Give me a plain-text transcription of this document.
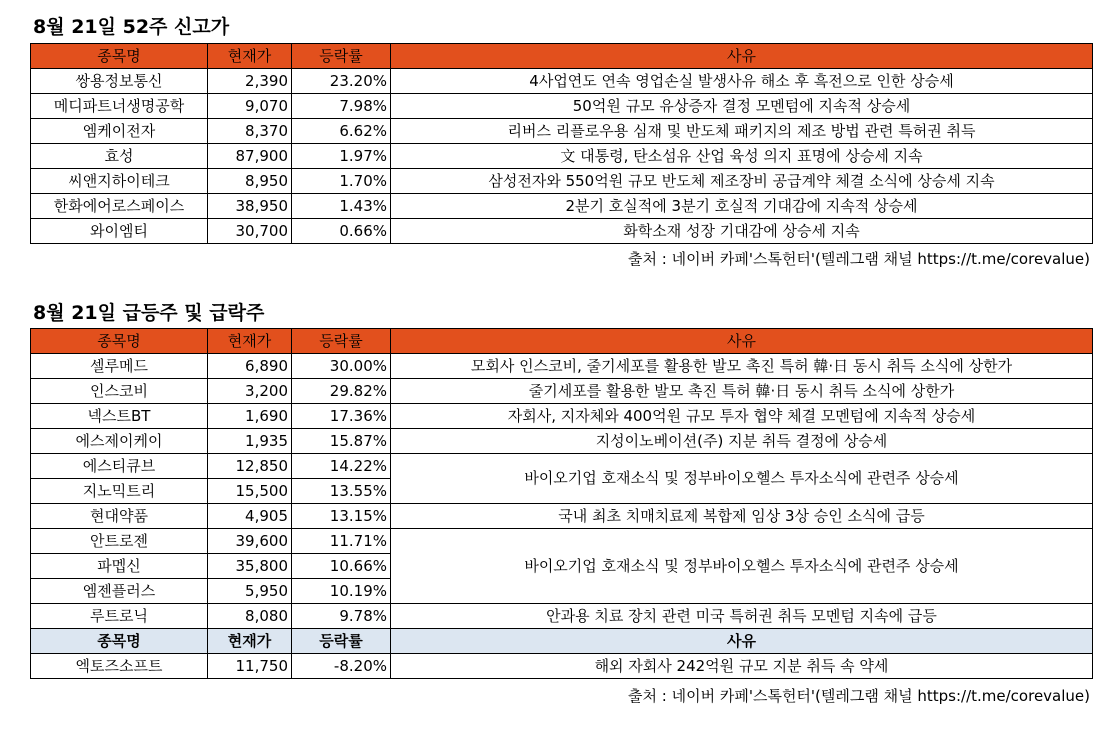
8월 21일 52주 신고가
종목명	현재가	등락률	사유
쌍용정보통신	2,390	23.20%	4사업연도 연속 영업손실 발생사유 해소 후 흑전으로 인한 상승세
메디파트너생명공학	9,070	7.98%	50억원 규모 유상증자 결정 모멘텀에 지속적 상승세
엠케이전자	8,370	6.62%	리버스 리플로우용 심재 및 반도체 패키지의 제조 방법 관련 특허권 취득
효성	87,900	1.97%	文 대통령, 탄소섬유 산업 육성 의지 표명에 상승세 지속
씨앤지하이테크	8,950	1.70%	삼성전자와 550억원 규모 반도체 제조장비 공급계약 체결 소식에 상승세 지속
한화에어로스페이스	38,950	1.43%	2분기 호실적에 3분기 호실적 기대감에 지속적 상승세
와이엠티	30,700	0.66%	화학소재 성장 기대감에 상승세 지속
출처 : 네이버 카페'스톡헌터'(텔레그램 채널 https://t.me/corevalue)
8월 21일 급등주 및 급락주
종목명	현재가	등락률	사유
셀루메드	6,890	30.00%	모회사 인스코비, 줄기세포를 활용한 발모 촉진 특허 韓·日 동시 취득 소식에 상한가
인스코비	3,200	29.82%	줄기세포를 활용한 발모 촉진 특허 韓·日 동시 취득 소식에 상한가
넥스트BT	1,690	17.36%	자회사, 지자체와 400억원 규모 투자 협약 체결 모멘텀에 지속적 상승세
에스제이케이	1,935	15.87%	지성이노베이션(주) 지분 취득 결정에 상승세
에스티큐브	12,850	14.22%	바이오기업 호재소식 및 정부바이오헬스 투자소식에 관련주 상승세
지노믹트리	15,500	13.55%	
현대약품	4,905	13.15%	국내 최초 치매치료제 복합제 임상 3상 승인 소식에 급등
안트로젠	39,600	11.71%	바이오기업 호재소식 및 정부바이오헬스 투자소식에 관련주 상승세
파멥신	35,800	10.66%	
엠젠플러스	5,950	10.19%	
루트로닉	8,080	9.78%	안과용 치료 장치 관련 미국 특허권 취득 모멘텀 지속에 급등
종목명	현재가	등락률	사유
엑토즈소프트	11,750	-8.20%	해외 자회사 242억원 규모 지분 취득 속 약세
출처 : 네이버 카페'스톡헌터'(텔레그램 채널 https://t.me/corevalue)
